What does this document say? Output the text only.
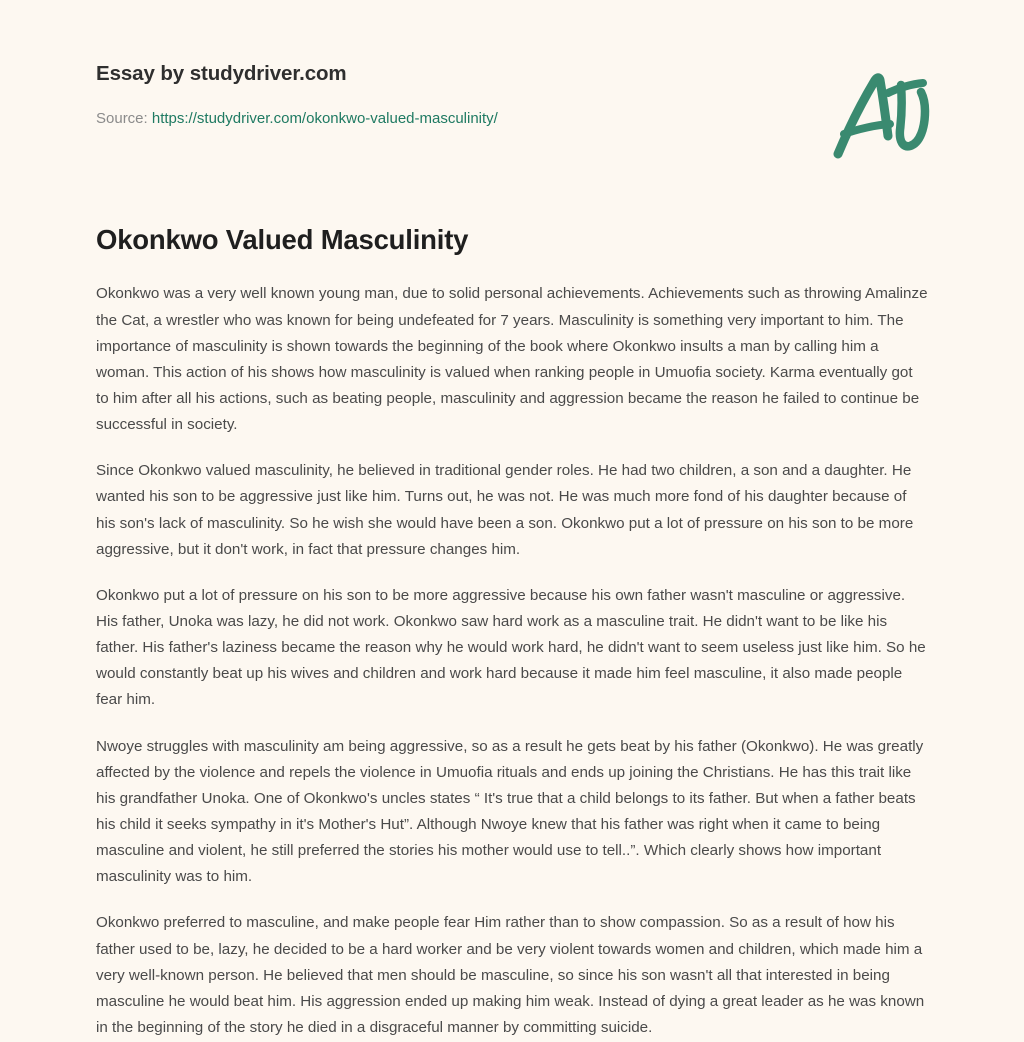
Essay by studydriver.com
Source: https://studydriver.com/okonkwo-valued-masculinity/
Okonkwo Valued Masculinity

Okonkwo was a very well known young man, due to solid personal achievements. Achievements such as throwing Amalinze the Cat, a wrestler who was known for being undefeated for 7 years. Masculinity is something very important to him. The importance of masculinity is shown towards the beginning of the book where Okonkwo insults a man by calling him a woman. This action of his shows how masculinity is valued when ranking people in Umuofia society. Karma eventually got to him after all his actions, such as beating people, masculinity and aggression became the reason he failed to continue be successful in society.

Since Okonkwo valued masculinity, he believed in traditional gender roles. He had two children, a son and a daughter. He wanted his son to be aggressive just like him. Turns out, he was not. He was much more fond of his daughter because of his son's lack of masculinity. So he wish she would have been a son. Okonkwo put a lot of pressure on his son to be more aggressive, but it don't work, in fact that pressure changes him.

Okonkwo put a lot of pressure on his son to be more aggressive because his own father wasn't masculine or aggressive. His father, Unoka was lazy, he did not work. Okonkwo saw hard work as a masculine trait. He didn't want to be like his father. His father's laziness became the reason why he would work hard, he didn't want to seem useless just like him. So he would constantly beat up his wives and children and work hard because it made him feel masculine, it also made people fear him.

Nwoye struggles with masculinity am being aggressive, so as a result he gets beat by his father (Okonkwo). He was greatly affected by the violence and repels the violence in Umuofia rituals and ends up joining the Christians. He has this trait like his grandfather Unoka. One of Okonkwo's uncles states “ It's true that a child belongs to its father. But when a father beats his child it seeks sympathy in it's Mother's Hut”. Although Nwoye knew that his father was right when it came to being masculine and violent, he still preferred the stories his mother would use to tell..”. Which clearly shows how important masculinity was to him.

Okonkwo preferred to masculine, and make people fear Him rather than to show compassion. So as a result of how his father used to be, lazy, he decided to be a hard worker and be very violent towards women and children, which made him a very well-known person. He believed that men should be masculine, so since his son wasn't all that interested in being masculine he would beat him. His aggression ended up making him weak. Instead of dying a great leader as he was known in the beginning of the story he died in a disgraceful manner by committing suicide.
